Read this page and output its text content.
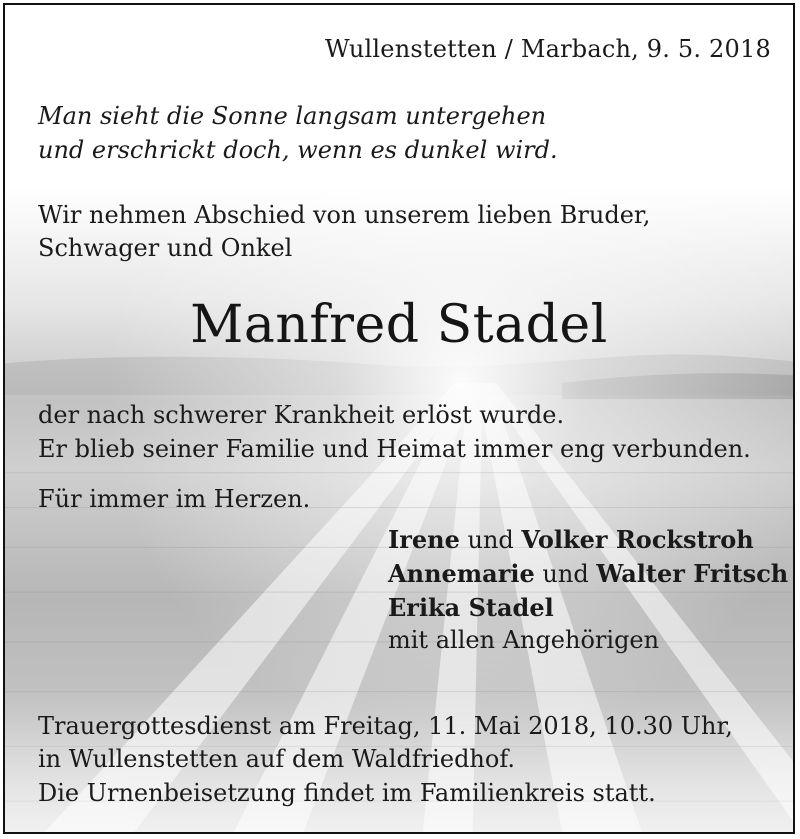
Wullenstetten / Marbach, 9. 5. 2018
Man sieht die Sonne langsam untergehen
und erschrickt doch, wenn es dunkel wird.
Wir nehmen Abschied von unserem lieben Bruder,
Schwager und Onkel
Manfred Stadel
der nach schwerer Krankheit erlöst wurde.
Er blieb seiner Familie und Heimat immer eng verbunden.
Für immer im Herzen.
Irene und Volker Rockstroh
Annemarie und Walter Fritsch
Erika Stadel
mit allen Angehörigen
Trauergottesdienst am Freitag, 11. Mai 2018, 10.30 Uhr,
in Wullenstetten auf dem Waldfriedhof.
Die Urnenbeisetzung findet im Familienkreis statt.
